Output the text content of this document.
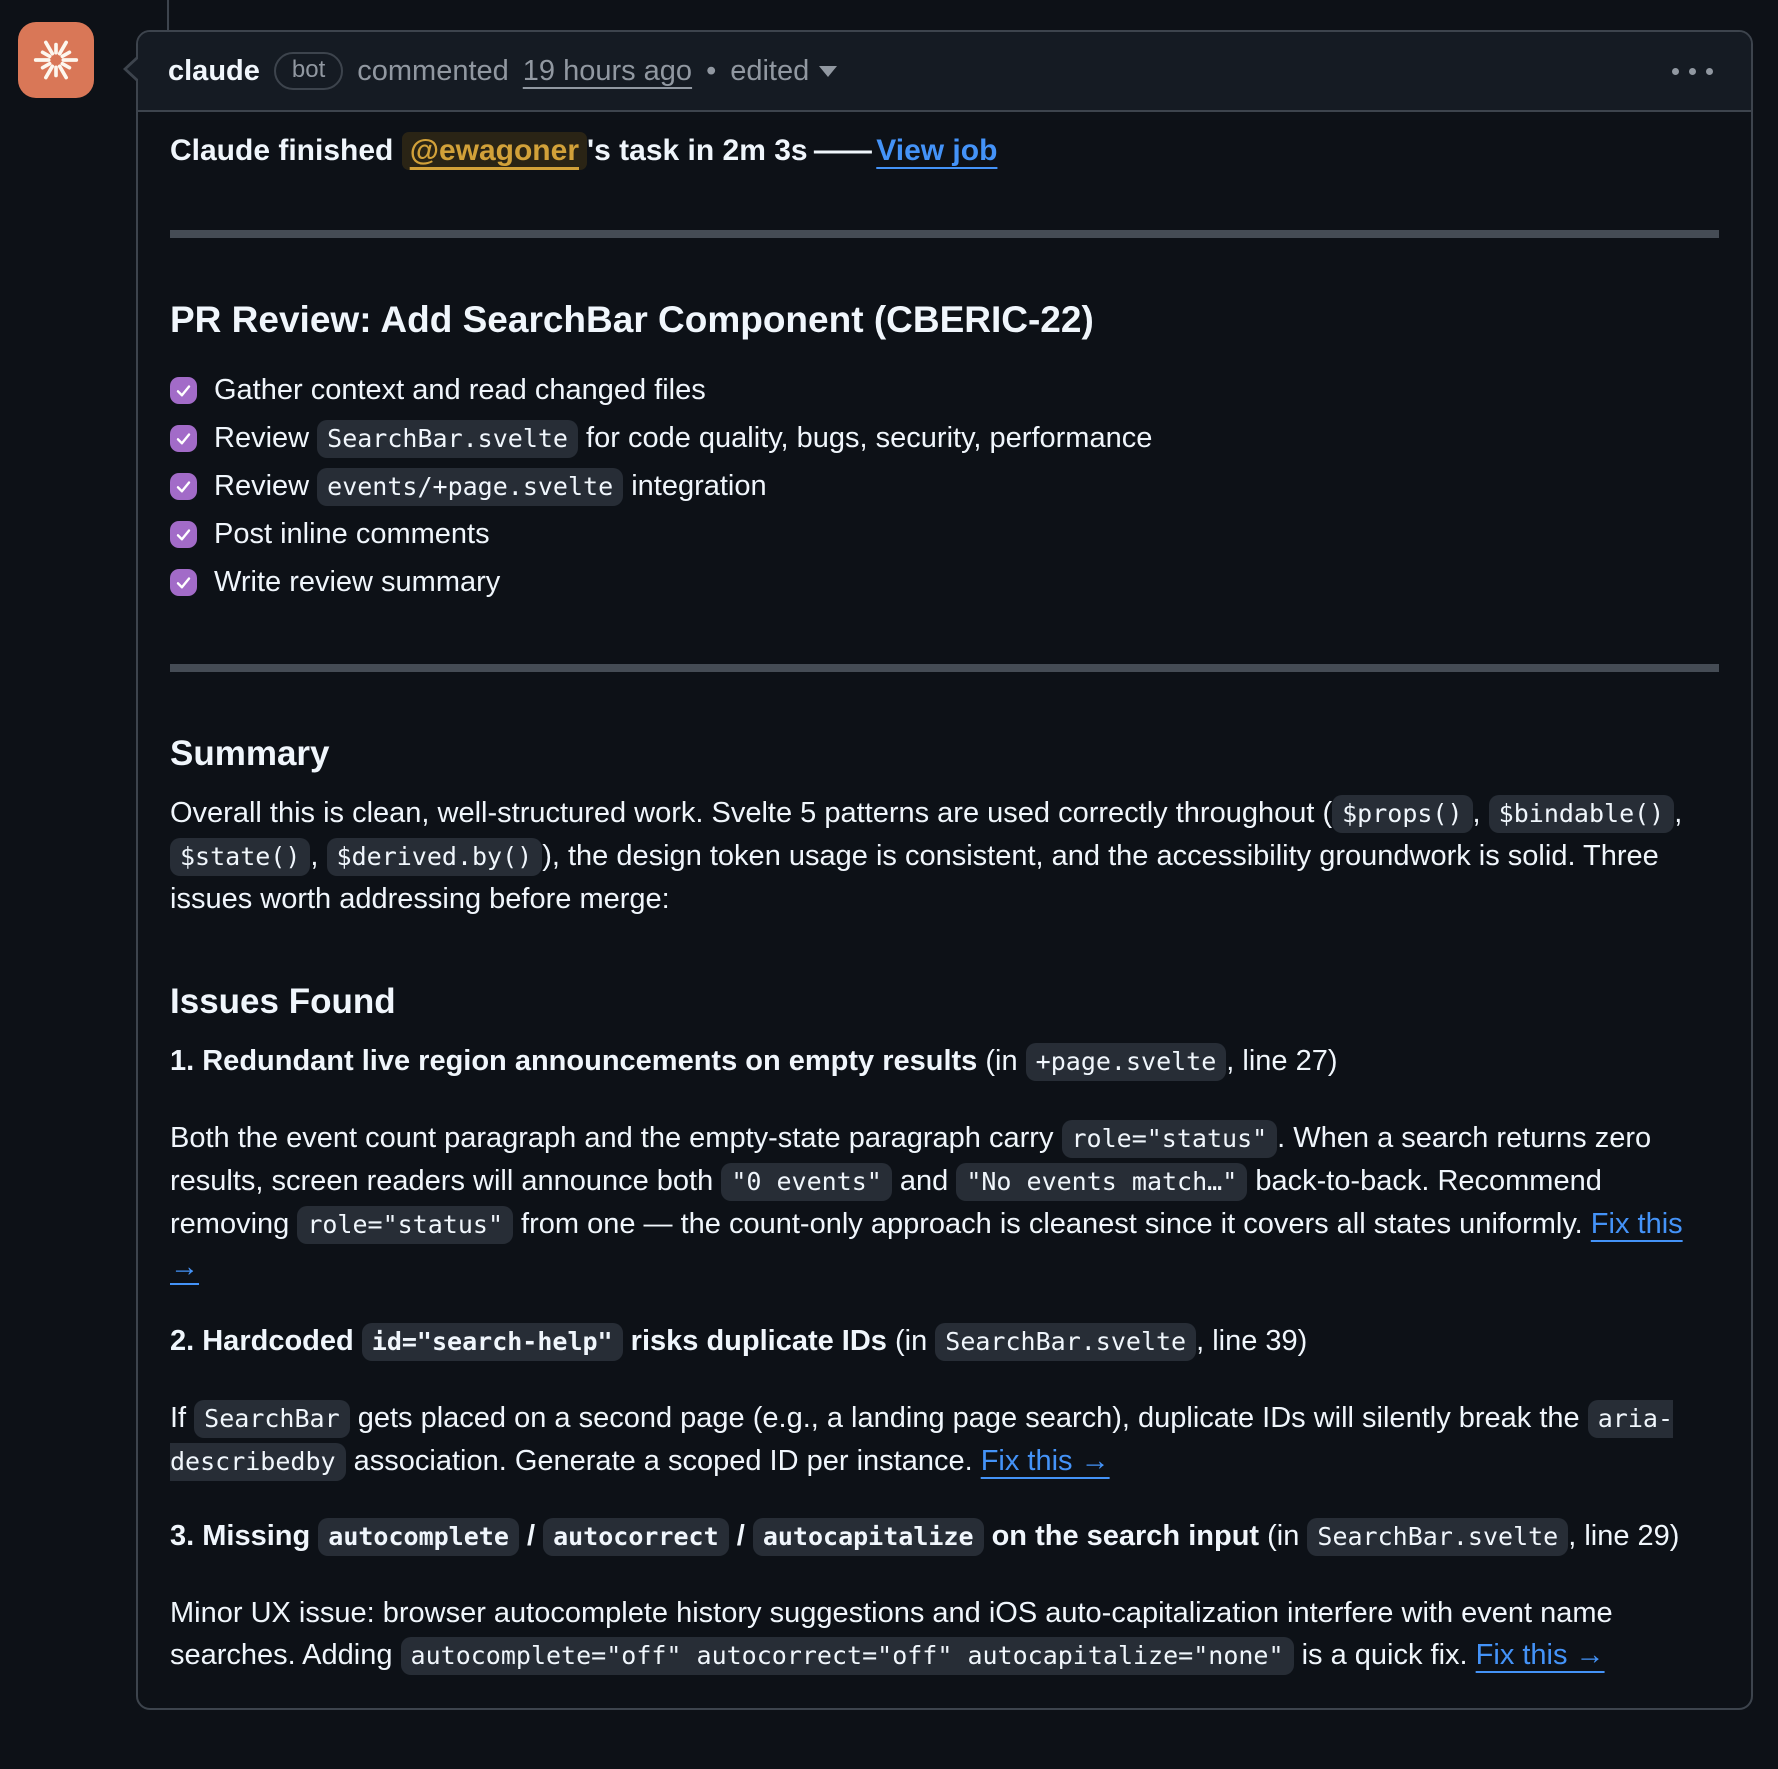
claude	bot	commented 19 hours ago • edited

Claude finished @ewagoner 's task in 2m 3s —— View job

PR Review: Add SearchBar Component (CBERIC-22)
Gather context and read changed files
Review SearchBar.svelte for code quality, bugs, security, performance
Review events/+page.svelte integration
Post inline comments
Write review summary
Summary

Overall this is clean, well-structured work. Svelte 5 patterns are used correctly throughout ( $props() , $bindable() , $state() , $derived.by() ), the design token usage is consistent, and the accessibility groundwork is solid. Three issues worth addressing before merge:

Issues Found

1. Redundant live region announcements on empty results (in +page.svelte , line 27)

Both the event count paragraph and the empty-state paragraph carry role="status" . When a search returns zero results, screen readers will announce both "0 events" and "No events match…" back-to-back. Recommend removing role="status" from one — the count-only approach is cleanest since it covers all states uniformly. Fix this →

2. Hardcoded id="search-help" risks duplicate IDs (in SearchBar.svelte , line 39)

If SearchBar gets placed on a second page (e.g., a landing page search), duplicate IDs will silently break the aria-describedby association. Generate a scoped ID per instance. Fix this →

3. Missing autocomplete / autocorrect / autocapitalize on the search input (in SearchBar.svelte , line 29)

Minor UX issue: browser autocomplete history suggestions and iOS auto-capitalization interfere with event name searches. Adding autocomplete="off" autocorrect="off" autocapitalize="none" is a quick fix. Fix this →
